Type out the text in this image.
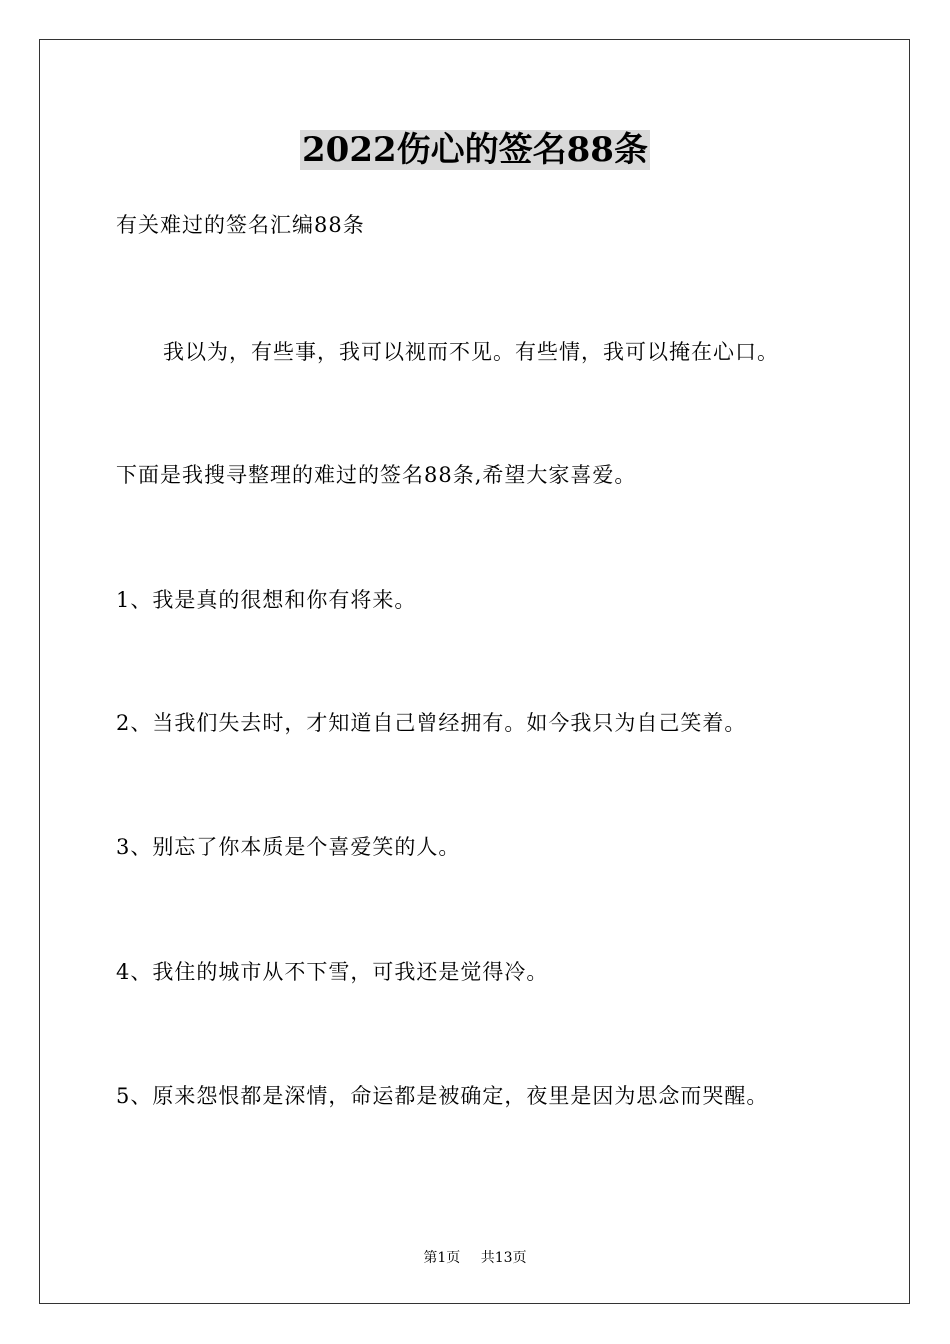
2022伤心的签名88条
有关难过的签名汇编88条
我以为，有些事，我可以视而不见。有些情，我可以掩在心口。
下面是我搜寻整理的难过的签名88条,希望大家喜爱。
1、我是真的很想和你有将来。
2、当我们失去时，才知道自己曾经拥有。如今我只为自己笑着。
3、别忘了你本质是个喜爱笑的人。
4、我住的城市从不下雪，可我还是觉得冷。
5、原来怨恨都是深情，命运都是被确定，夜里是因为思念而哭醒。
第1页 共13页
